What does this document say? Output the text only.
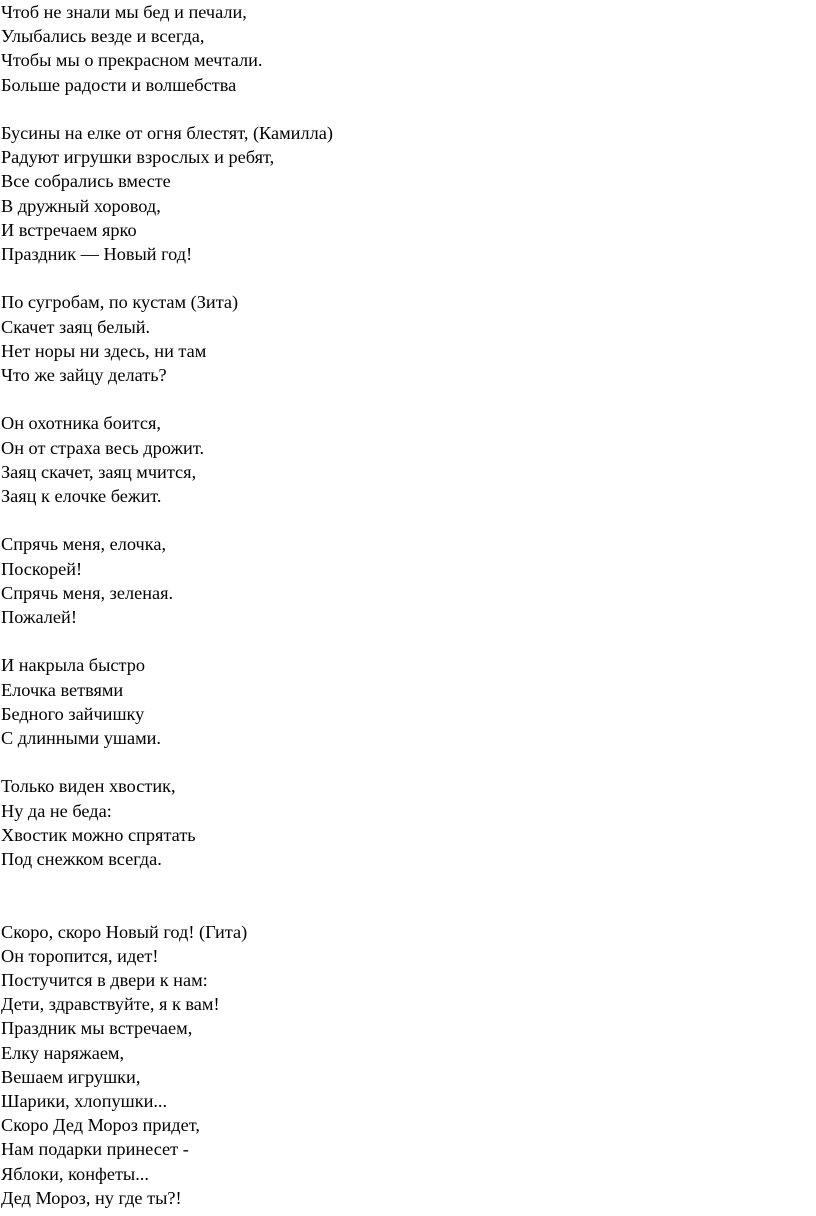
Чтоб не знали мы бед и печали,
Улыбались везде и всегда,
Чтобы мы о прекрасном мечтали.
Больше радости и волшебства
Бусины на елке от огня блестят, (Камилла)
Радуют игрушки взрослых и ребят,
Все собрались вместе
В дружный хоровод,
И встречаем ярко
Праздник — Новый год!
По сугробам, по кустам (Зита)
Скачет заяц белый.
Нет норы ни здесь, ни там
Что же зайцу делать?
Он охотника боится,
Он от страха весь дрожит.
Заяц скачет, заяц мчится,
Заяц к елочке бежит.
Спрячь меня, елочка,
Поскорей!
Спрячь меня, зеленая.
Пожалей!
И накрыла быстро
Елочка ветвями
Бедного зайчишку
С длинными ушами.
Только виден хвостик,
Ну да не беда:
Хвостик можно спрятать
Под снежком всегда.
Скоро, скоро Новый год! (Гита)
Он торопится, идет!
Постучится в двери к нам:
Дети, здравствуйте, я к вам!
Праздник мы встречаем,
Елку наряжаем,
Вешаем игрушки,
Шарики, хлопушки...
Скоро Дед Мороз придет,
Нам подарки принесет -
Яблоки, конфеты...
Дед Мороз, ну где ты?!
